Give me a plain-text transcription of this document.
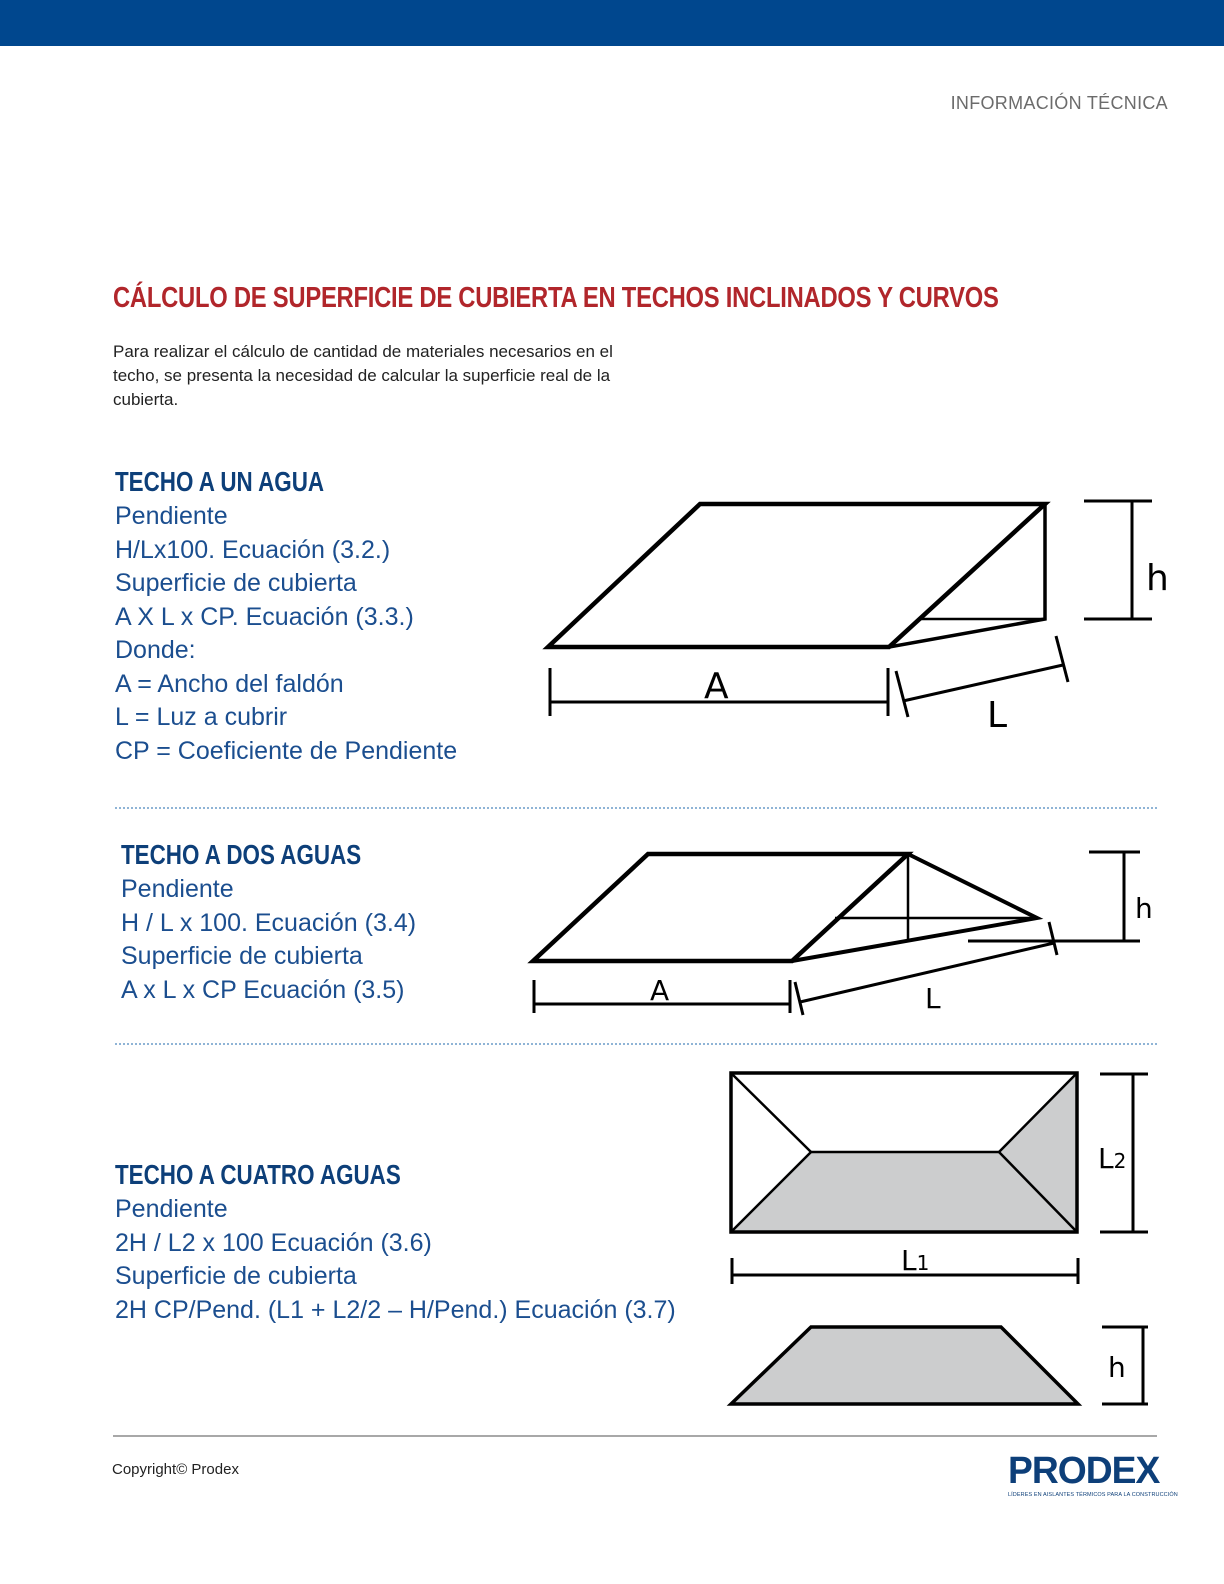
INFORMACIÓN TÉCNICA
CÁLCULO DE SUPERFICIE DE CUBIERTA EN TECHOS INCLINADOS Y CURVOS

Para realizar el cálculo de cantidad de materiales necesarios en el techo, se presenta la necesidad de calcular la superficie real de la cubierta.

TECHO A UN AGUA
Pendiente
H/Lx100. Ecuación (3.2.)
Superficie de cubierta
A X L x CP. Ecuación (3.3.)
Donde:
A = Ancho del faldón
L = Luz a cubrir
CP = Coeficiente de Pendiente
TECHO A DOS AGUAS
Pendiente
H / L x 100. Ecuación (3.4)
Superficie de cubierta
A x L x CP Ecuación (3.5)
TECHO A CUATRO AGUAS
Pendiente
2H / L2 x 100 Ecuación (3.6)
Superficie de cubierta
2H CP/Pend. (L1 + L2/2 – H/Pend.) Ecuación (3.7)
h
A
L
h
A	L
L2
L1
h
Copyright© Prodex	PRODEX
LÍDERES EN AISLANTES TÉRMICOS PARA LA CONSTRUCCIÓN
